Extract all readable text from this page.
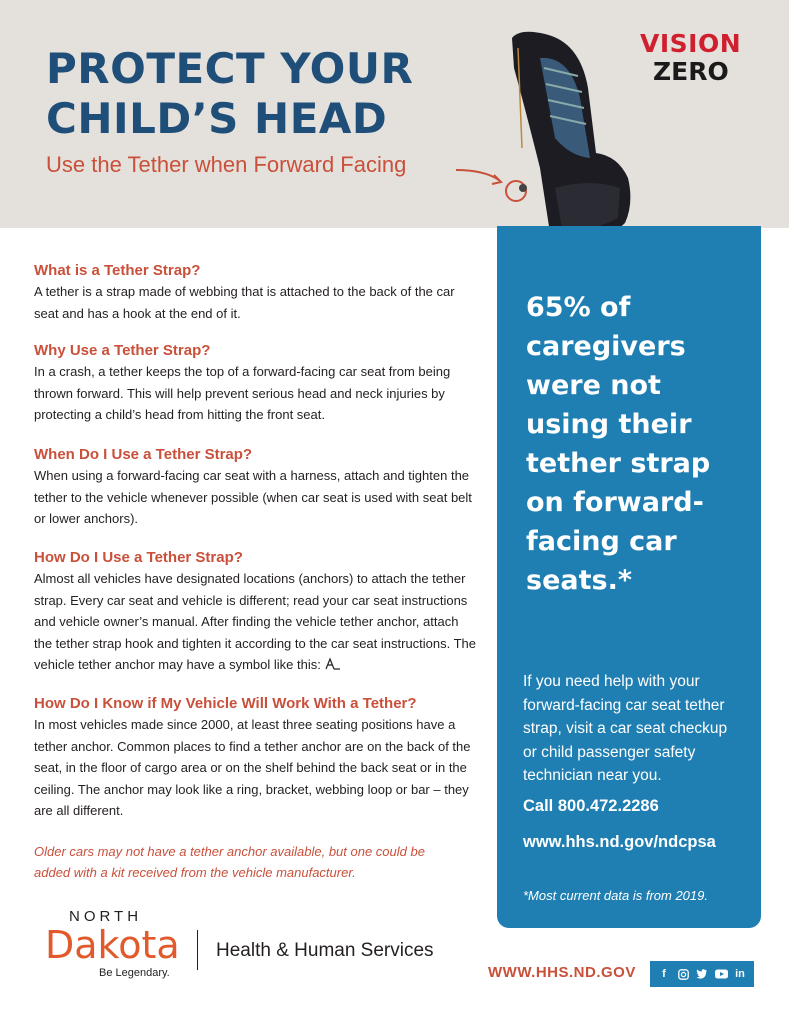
PROTECT YOUR
CHILD’S HEAD
Use the Tether when Forward Facing
VISION
ZERO
What is a Tether Strap?

A tether is a strap made of webbing that is attached to the back of the car seat and has a hook at the end of it.

Why Use a Tether Strap?

In a crash, a tether keeps the top of a forward-facing car seat from being thrown forward. This will help prevent serious head and neck injuries by protecting a child’s head from hitting the front seat.

When Do I Use a Tether Strap?

When using a forward-facing car seat with a harness, attach and tighten the tether to the vehicle whenever possible (when car seat is used with seat belt or lower anchors).

How Do I Use a Tether Strap?

Almost all vehicles have designated locations (anchors) to attach the tether strap. Every car seat and vehicle is different; read your car seat instructions and vehicle owner’s manual. After finding the vehicle tether anchor, attach the tether strap hook and tighten it according to the car seat instructions. The vehicle tether anchor may have a symbol like this:

How Do I Know if My Vehicle Will Work With a Tether?

In most vehicles made since 2000, at least three seating positions have a tether anchor. Common places to find a tether anchor are on the back of the seat, in the floor of cargo area or on the shelf behind the back seat or in the ceiling. The anchor may look like a ring, bracket, webbing loop or bar – they are all different.

Older cars may not have a tether anchor available, but one could be added with a kit received from the vehicle manufacturer.
65% of caregivers were not using their tether strap on forward-facing car seats.*
If you need help with your forward-facing car seat tether strap, visit a car seat checkup or child passenger safety technician near you.
Call 800.472.2286
www.hhs.nd.gov/ndcpsa
*Most current data is from 2019.
NORTH
Dakota
Be Legendary.
Health & Human Services
WWW.HHS.ND.GOV	f	in
